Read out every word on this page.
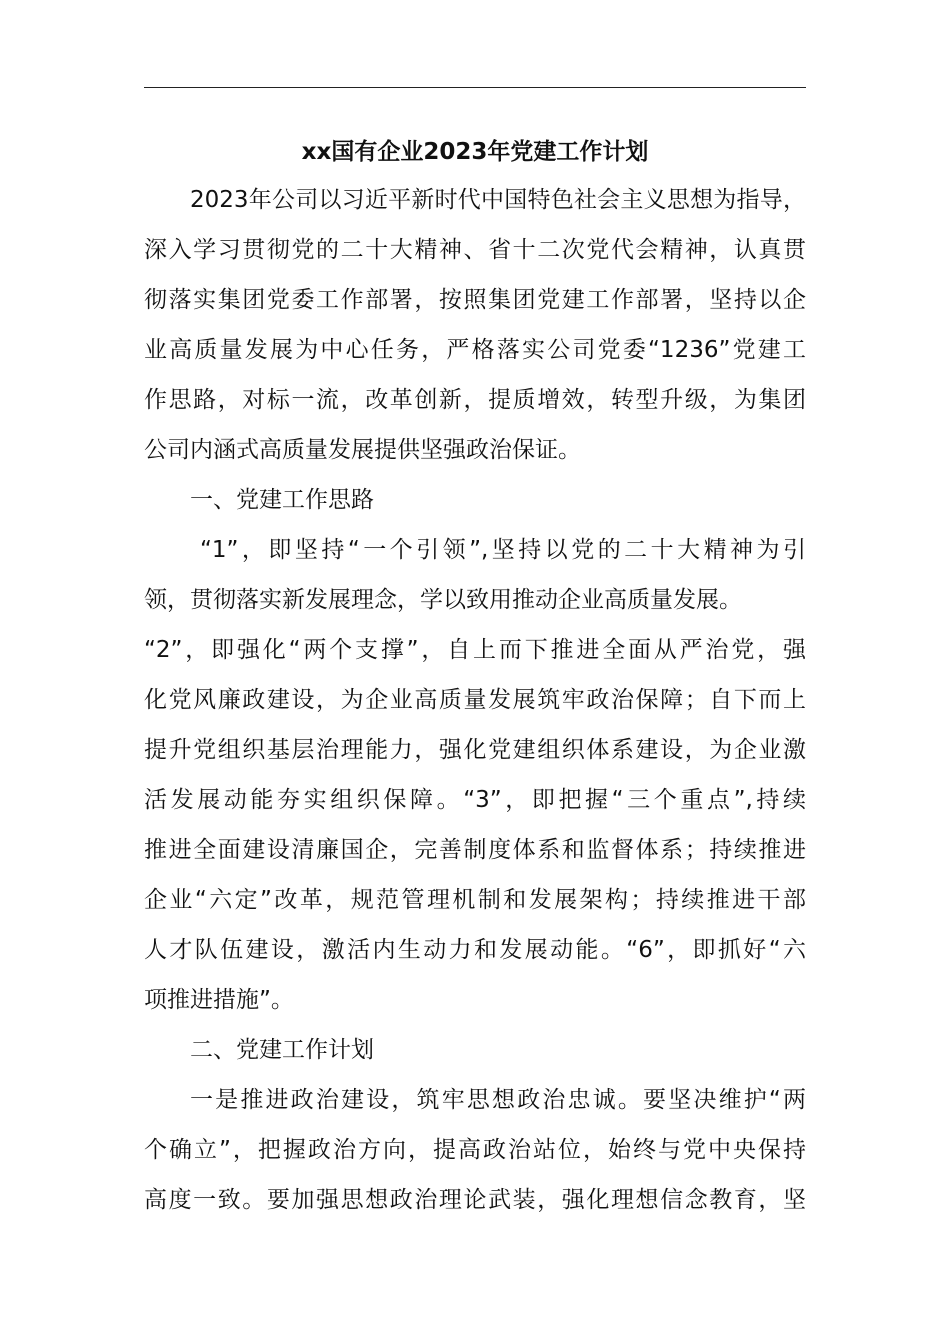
xx国有企业2023年党建工作计划
2023年公司以习近平新时代中国特色社会主义思想为指导，
深入学习贯彻党的二十大精神、省十二次党代会精神，认真贯
彻落实集团党委工作部署，按照集团党建工作部署，坚持以企
业高质量发展为中心任务，严格落实公司党委“1236”党建工
作思路，对标一流，改革创新，提质增效，转型升级，为集团
公司内涵式高质量发展提供坚强政治保证。
一、党建工作思路
“1”，即坚持“一个引领”,坚持以党的二十大精神为引
领，贯彻落实新发展理念，学以致用推动企业高质量发展。
“2”，即强化“两个支撑”，自上而下推进全面从严治党，强
化党风廉政建设，为企业高质量发展筑牢政治保障；自下而上
提升党组织基层治理能力，强化党建组织体系建设，为企业激
活发展动能夯实组织保障。“3”，即把握“三个重点”,持续
推进全面建设清廉国企，完善制度体系和监督体系；持续推进
企业“六定”改革，规范管理机制和发展架构；持续推进干部
人才队伍建设，激活内生动力和发展动能。“6”，即抓好“六
项推进措施”。
二、党建工作计划
一是推进政治建设，筑牢思想政治忠诚。要坚决维护“两
个确立”，把握政治方向，提高政治站位，始终与党中央保持
高度一致。要加强思想政治理论武装，强化理想信念教育，坚
